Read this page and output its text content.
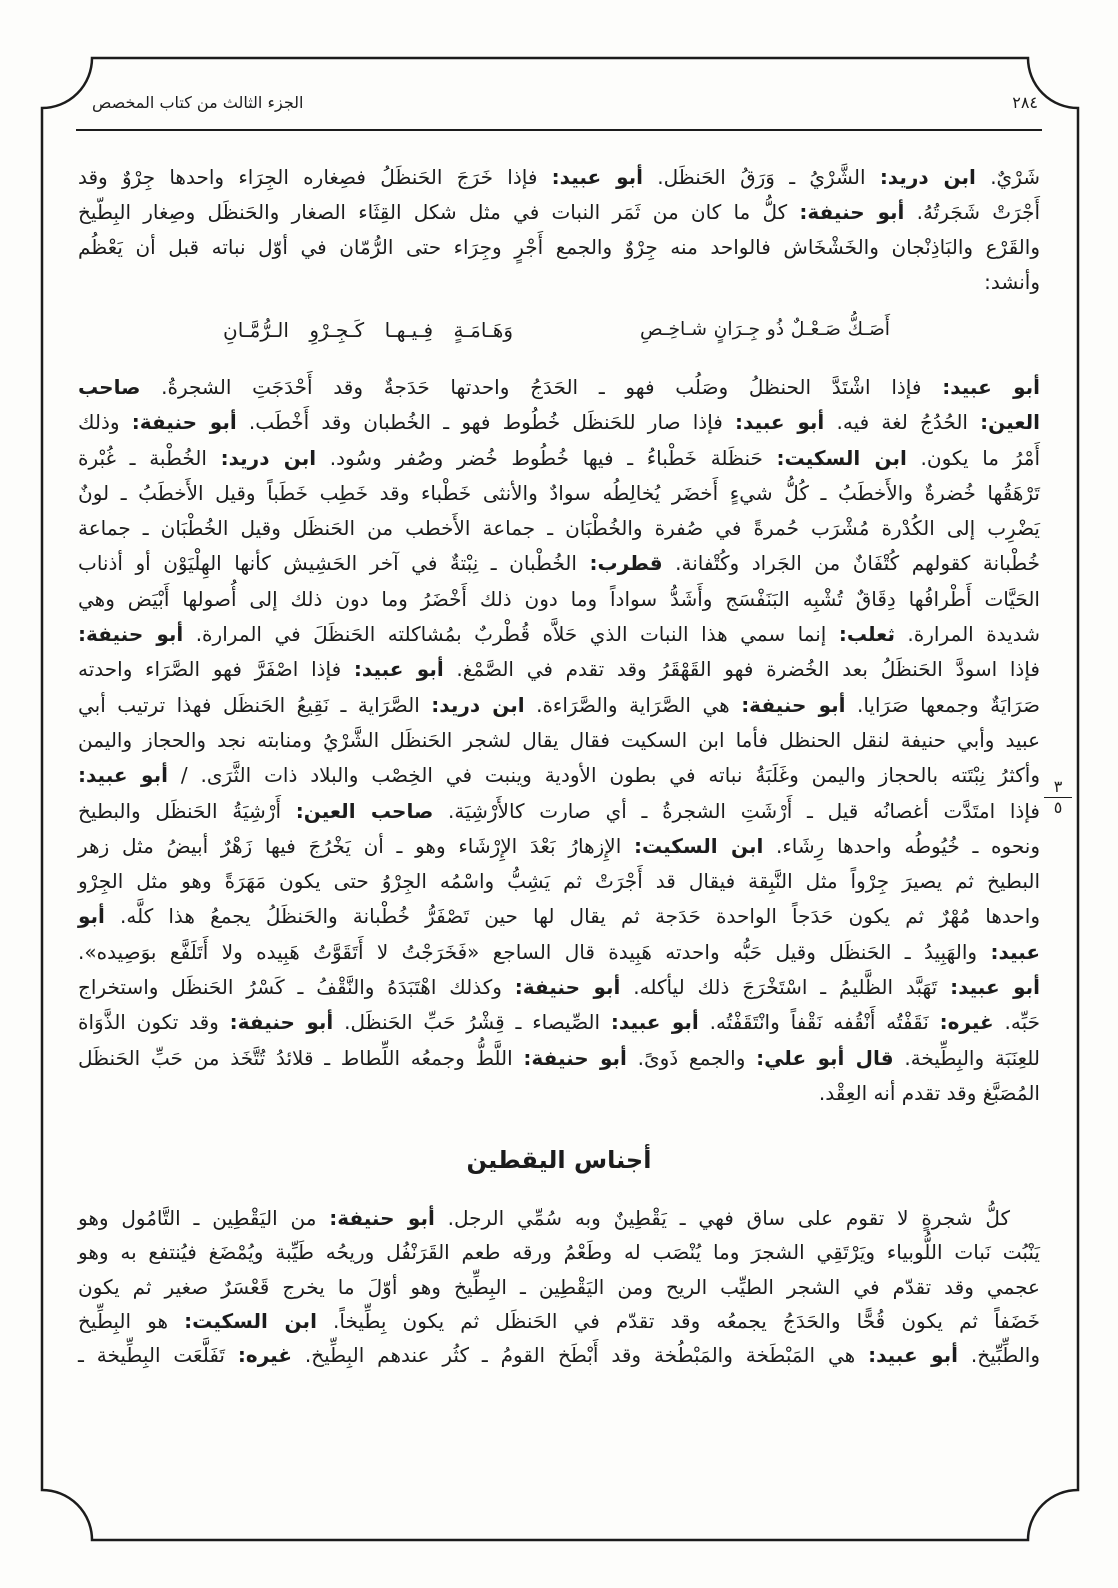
٢٨٤
الجزء الثالث من كتاب المخصص
شَرْيٌ. ابن دريد: الشَّرْيُ ـ وَرَقُ الحَنظَل. أبو عبيد: فإذا خَرَجَ الحَنظَلُ فصِغاره الجِرَاء واحدها جِرْوٌ وقد
أَجْرَتْ شَجَرتُهُ. أبو حنيفة: كلُّ ما كان من ثَمَر النبات في مثل شكل القِثَاء الصغار والحَنظَل وصِغار البِطّيخ
والقَرْع والبَاذِنْجان والخَشْخَاش فالواحد منه جِرْوٌ والجمع أَجْرٍ وجِرَاء حتى الرُّمّان في أوّل نباته قبل أن يَعْظُم
وأنشد:
أَصَـكُّ صَـعْـلٌ ذُو جِـرَانٍ شـاخِـصِ
وَهَـامَـةٍ فِـيـهـا كَـجِـرْوِ الـرُّمَّـانِ
أبو عبيد: فإذا اشْتَدَّ الحنظلُ وصَلُب فهو ـ الحَدَجُ واحدتها حَدَجةٌ وقد أَحْدَجَتِ الشجرةُ. صاحب
العين: الحُدُجُ لغة فيه. أبو عبيد: فإذا صار للحَنظَل خُطُوط فهو ـ الخُطبان وقد أَخْطَب. أبو حنيفة: وذلك
أَمْرُ ما يكون. ابن السكيت: حَنظَلة خَطْباءُ ـ فيها خُطُوط خُضر وصُفر وسُود. ابن دريد: الخُطْبة ـ غُبْرة
تَرْهَقُها خُضرةٌ والأَخطَبُ ـ كُلُّ شيءٍ أَخضَر يُخالِطُه سوادٌ والأنثى خَطْباء وقد خَطِب خَطَباً وقيل الأَخطَبُ ـ لونٌ
يَضْرِب إلى الكُدْرة مُشْرَب حُمرةً في صُفرة والخُطْبَان ـ جماعة الأَخطب من الحَنظَل وقيل الخُطْبَان ـ جماعة
خُطْبانة كقولهم كُتْفَانٌ من الجَراد وكُتْفانة. قطرب: الخُطْبان ـ نِبْتةٌ في آخر الحَشِيش كأنها الهِلْيَوْن أو أذناب
الحَيَّات أَطْرافُها دِقَاقٌ تُشْبِه البَنَفْسَج وأَشَدُّ سواداً وما دون ذلك أَخْضَرُ وما دون ذلك إلى أُصولها أَبْيَض وهي
شديدة المرارة. ثعلب: إنما سمي هذا النبات الذي حَلاَّه قُطْربٌ بمُشاكلته الحَنظَلَ في المرارة. أبو حنيفة:
فإذا اسودَّ الحَنظَلُ بعد الخُضرة فهو القَهْقَرُ وقد تقدم في الصَّمْغ. أبو عبيد: فإذا اصْفَرَّ فهو الصَّرَاء واحدته
صَرَايَةٌ وجمعها صَرَايا. أبو حنيفة: هي الصَّرَاية والصَّرَاءة. ابن دريد: الصَّرَاية ـ نَقِيعُ الحَنظَل فهذا ترتيب أبي
عبيد وأبي حنيفة لنقل الحنظل فأما ابن السكيت فقال يقال لشجر الحَنظَل الشَّرْيُ ومنابته نجد والحجاز واليمن
وأكثرُ نِبْتَته بالحجاز واليمن وغَلَبَةُ نباته في بطون الأودية وينبت في الخِصْب والبلاد ذات الثَّرَى. / أبو عبيد:
فإذا امتَدَّت أغصانُه قيل ـ أَرْشَتِ الشجرةُ ـ أي صارت كالأَرْشِيَة. صاحب العين: أَرْشِيَةُ الحَنظَل والبطيخ
ونحوه ـ خُيُوطُه واحدها رِشَاء. ابن السكيت: الإِزهارُ بَعْدَ الإِرْشَاء وهو ـ أن يَخْرُجَ فيها زَهْرٌ أبيضُ مثل زهر
البطيخ ثم يصيرَ جِرْواً مثل النَّبِقة فيقال قد أَجْرَتْ ثم يَشِبُّ واسْمُه الجِرْوُ حتى يكون مَهَرَةً وهو مثل الجِرْو
واحدها مُهْرٌ ثم يكون حَدَجاً الواحدة حَدَجة ثم يقال لها حين تَصْفَرُّ خُطْبانة والحَنظَلُ يجمعُ هذا كلَّه. أبو
عبيد: والهَبِيدُ ـ الحَنظَل وقيل حَبُّه واحدته هَبِيدة قال الساجع «فَخَرَجْتُ لا أَتَقَوَّتُ هَبِيده ولا أَتَلَفَّع بوَصِيده».
أبو عبيد: تَهَبَّد الظَّليمُ ـ اسْتَخْرَجَ ذلك ليأكله. أبو حنيفة: وكذلك اهْتَبَدَهُ والنَّقْفُ ـ كَسْرُ الحَنظَل واستخراج
حَبِّه. غيره: نَقَفْتُه أَنْقُفه نَقْفاً وانْتَقَفْتُه. أبو عبيد: الصِّيصاء ـ قِشْرُ حَبِّ الحَنظَل. أبو حنيفة: وقد تكون الذَّوَاة
للعِنَبَة والبِطِّيخة. قال أبو علي: والجمع ذَوىً. أبو حنيفة: اللَّطُّ وجمعُه اللِّطاط ـ قلائدُ تُتَّخَذ من حَبِّ الحَنظَل
المُصَبَّغ وقد تقدم أنه العِقْد.
أجناس اليقطين
كلُّ شجرةٍ لا تقوم على ساق فهي ـ يَقْطِينٌ وبه سُمِّي الرجل. أبو حنيفة: من اليَقْطِين ـ التَّامُول وهو
يَنْبُت نَبات اللُّوبياء ويَرْتَقِي الشجرَ وما يُنْصَب له وطَعْمُ ورقه طعم القَرَنْفُل وريحُه طَيِّبة ويُمْضَغ فيُنتفع به وهو
عجمي وقد تقدّم في الشجر الطيِّب الريح ومن اليَقْطِين ـ البِطِّيخ وهو أوّلَ ما يخرج قَعْسَرٌ صغير ثم يكون
خَضَفاً ثم يكون قُحًّا والحَدَجُ يجمعُه وقد تقدّم في الحَنظَل ثم يكون بِطِّيخاً. ابن السكيت: هو البِطِّيخ
والطِّبِّيخ. أبو عبيد: هي المَبْطَخة والمَبْطُخة وقد أَبْطَخ القومُ ـ كثُر عندهم البِطِّيخ. غيره: تَفَلَّعَت البِطِّيخة ـ
٣
٥
